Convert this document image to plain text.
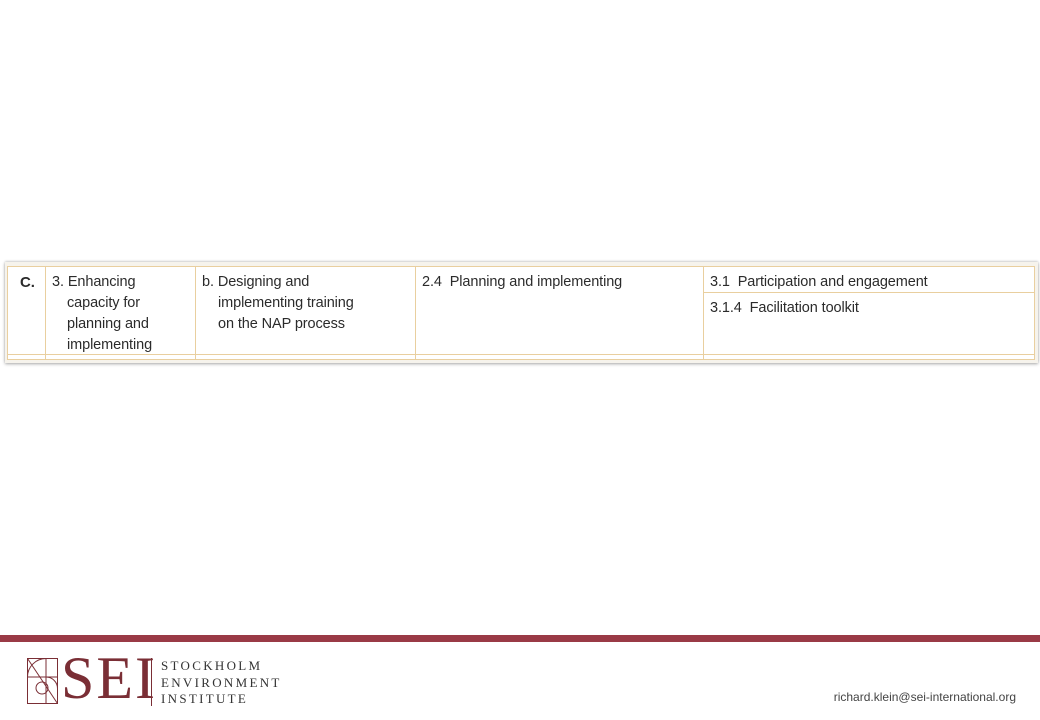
C. 3. Enhancing
capacity for
planning and
implementing
b. Designing and
implementing training
on the NAP process
2.4 Planning and implementing	3.1 Participation and engagement
3.1.4 Facilitation toolkit
SEI STOCKHOLM
ENVIRONMENT
INSTITUTE	richard.klein@sei-international.org
